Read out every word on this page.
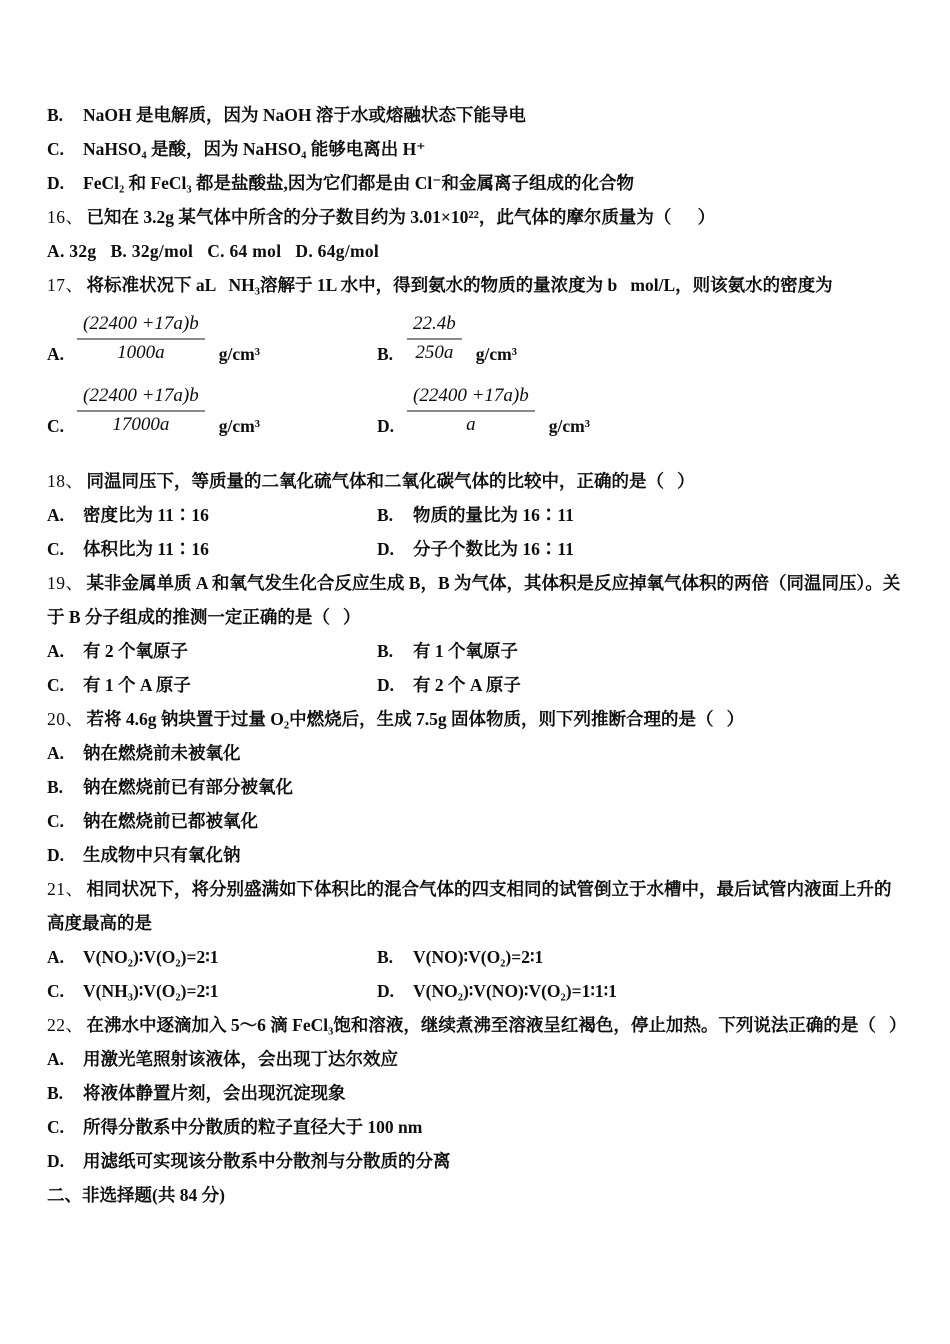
B. NaOH 是电解质，因为 NaOH 溶于水或熔融状态下能导电
C. NaHSO₄ 是酸，因为 NaHSO₄ 能够电离出 H⁺
D. FeCl₂ 和 FeCl₃ 都是盐酸盐,因为它们都是由 Cl⁻和金属离子组成的化合物
16、 已知在 3.2g 某气体中所含的分子数目约为 3.01×10²²，此气体的摩尔质量为（      ）
A. 32g   B. 32g/mol   C. 64 mol   D. 64g/mol
17、 将标准状况下 aL   NH₃溶解于 1L 水中，得到氨水的物质的量浓度为 b   mol/L，则该氨水的密度为
A. $\frac{(22400 +17a)b}{1000a} g/cm^3$	B. $\frac{22.4b}{250a} g/cm^3$
C. $\frac{(22400 +17a)b}{17000a} g/cm^3$	D. $\frac{(22400 +17a)b}{a} g/cm^3$
18、 同温同压下，等质量的二氧化硫气体和二氧化碳气体的比较中，正确的是（   ）
A. 密度比为 11∶16	B. 物质的量比为 16∶11
C. 体积比为 11∶16	D. 分子个数比为 16∶11
19、 某非金属单质 A 和氧气发生化合反应生成 B，B 为气体，其体积是反应掉氧气体积的两倍（同温同压）。关于 B 分子组成的推测一定正确的是（   ）
A. 有 2 个氧原子	B. 有 1 个氧原子
C. 有 1 个 A 原子	D. 有 2 个 A 原子
20、 若将 4.6g 钠块置于过量 O₂中燃烧后，生成 7.5g 固体物质，则下列推断合理的是（   ）
A. 钠在燃烧前未被氧化
B. 钠在燃烧前已有部分被氧化
C. 钠在燃烧前已都被氧化
D. 生成物中只有氧化钠
21、 相同状况下，将分别盛满如下体积比的混合气体的四支相同的试管倒立于水槽中，最后试管内液面上升的高度最高的是
A. V(NO₂)∶V(O₂)=2∶1	B. V(NO)∶V(O₂)=2∶1
C. V(NH₃)∶V(O₂)=2∶1	D. V(NO₂)∶V(NO)∶V(O₂)=1∶1∶1
22、 在沸水中逐滴加入 5～6 滴 FeCl₃饱和溶液，继续煮沸至溶液呈红褐色，停止加热。下列说法正确的是（   ）
A. 用激光笔照射该液体，会出现丁达尔效应
B. 将液体静置片刻，会出现沉淀现象
C. 所得分散系中分散质的粒子直径大于 100 nm
D. 用滤纸可实现该分散系中分散剂与分散质的分离
二、非选择题(共 84 分)
